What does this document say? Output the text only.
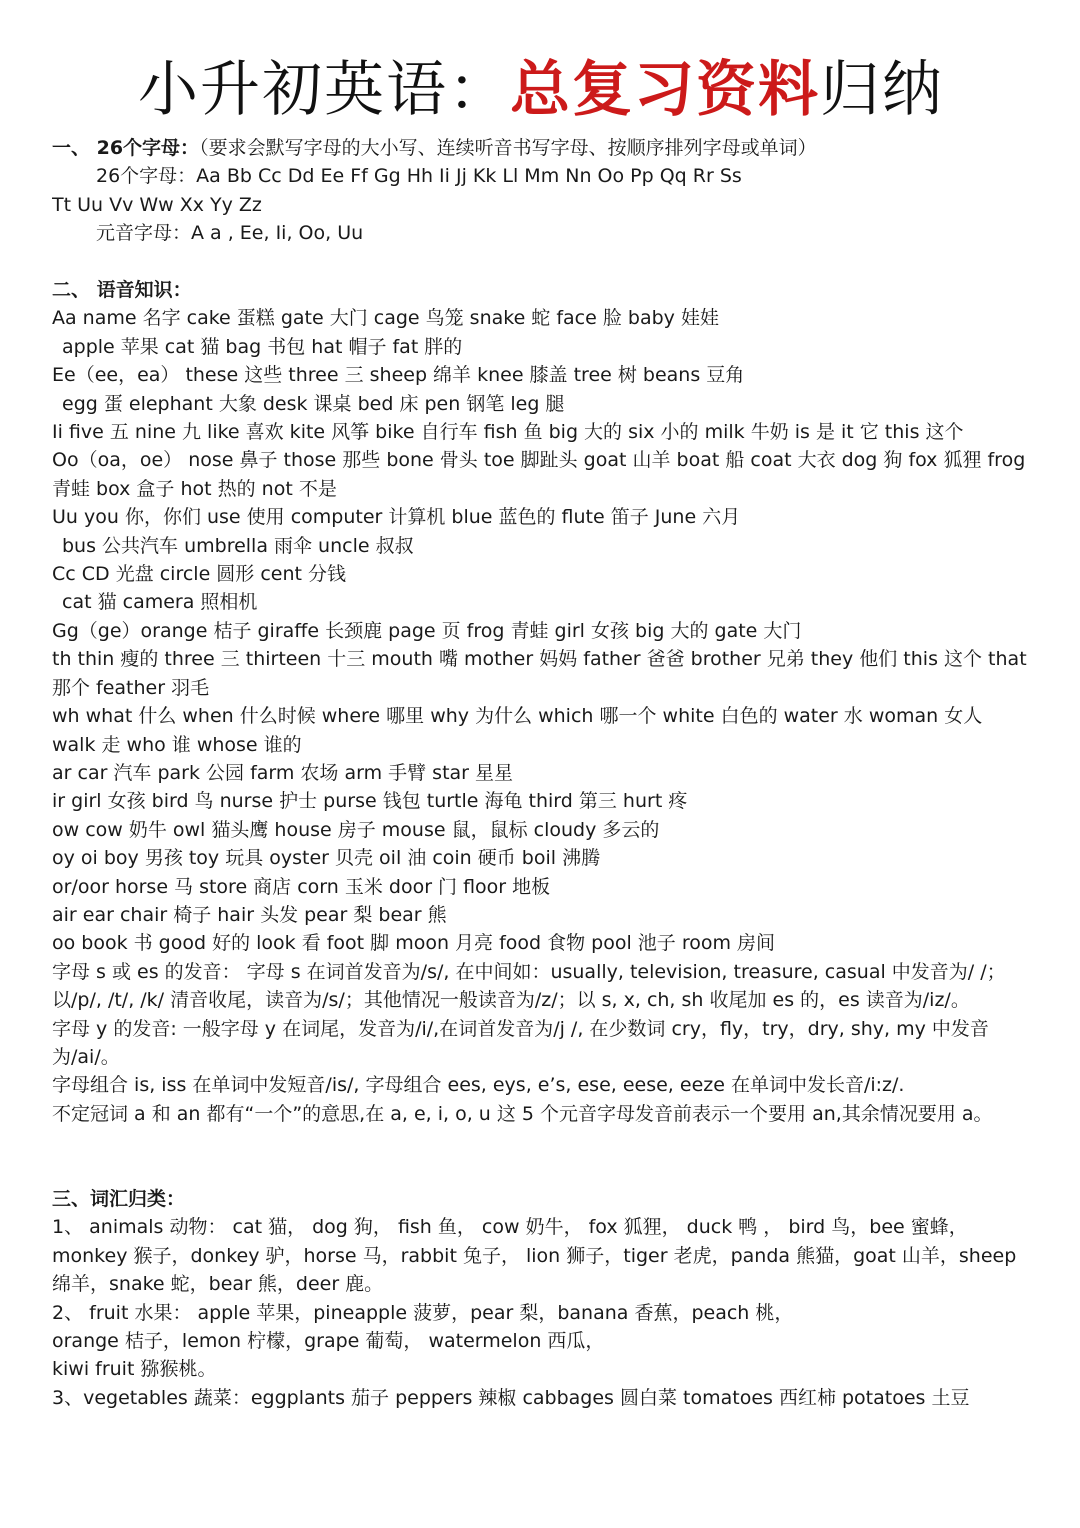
小升初英语：总复习资料归纳
一、 26个字母：（要求会默写字母的大小写、连续听音书写字母、按顺序排列字母或单词）
26个字母：Aa Bb Cc Dd Ee Ff Gg Hh Ii Jj Kk Ll Mm Nn Oo Pp Qq Rr Ss
Tt Uu Vv Ww Xx Yy Zz
元音字母：A a , Ee, Ii, Oo, Uu
二、 语音知识：
Aa name 名字 cake 蛋糕 gate 大门 cage 鸟笼 snake 蛇 face 脸 baby 娃娃
apple 苹果 cat 猫 bag 书包 hat 帽子 fat 胖的
Ee（ee，ea） these 这些 three 三 sheep 绵羊 knee 膝盖 tree 树 beans 豆角
egg 蛋 elephant 大象 desk 课桌 bed 床 pen 钢笔 leg 腿
Ii five 五 nine 九 like 喜欢 kite 风筝 bike 自行车 fish 鱼 big 大的 six 小的 milk 牛奶 is 是 it 它 this 这个
Oo（oa，oe） nose 鼻子 those 那些 bone 骨头 toe 脚趾头 goat 山羊 boat 船 coat 大衣 dog 狗 fox 狐狸 frog 青蛙 box 盒子 hot 热的 not 不是
Uu you 你，你们 use 使用 computer 计算机 blue 蓝色的 flute 笛子 June 六月
bus 公共汽车 umbrella 雨伞 uncle 叔叔
Cc CD 光盘 circle 圆形 cent 分钱
cat 猫 camera 照相机
Gg（ge）orange 桔子 giraffe 长颈鹿 page 页 frog 青蛙 girl 女孩 big 大的 gate 大门
th thin 瘦的 three 三 thirteen 十三 mouth 嘴 mother 妈妈 father 爸爸 brother 兄弟 they 他们 this 这个 that 那个 feather 羽毛
wh what 什么 when 什么时候 where 哪里 why 为什么 which 哪一个 white 白色的 water 水 woman 女人 walk 走 who 谁 whose 谁的
ar car 汽车 park 公园 farm 农场 arm 手臂 star 星星
ir girl 女孩 bird 鸟 nurse 护士 purse 钱包 turtle 海龟 third 第三 hurt 疼
ow cow 奶牛 owl 猫头鹰 house 房子 mouse 鼠，鼠标 cloudy 多云的
oy oi boy 男孩 toy 玩具 oyster 贝壳 oil 油 coin 硬币 boil 沸腾
or/oor horse 马 store 商店 corn 玉米 door 门 floor 地板
air ear chair 椅子 hair 头发 pear 梨 bear 熊
oo book 书 good 好的 look 看 foot 脚 moon 月亮 food 食物 pool 池子 room 房间
字母 s 或 es 的发音： 字母 s 在词首发音为/s/, 在中间如：usually, television, treasure, casual 中发音为/ /；以/p/, /t/, /k/ 清音收尾，读音为/s/；其他情况一般读音为/z/；以 s, x, ch, sh 收尾加 es 的，es 读音为/iz/。
字母 y 的发音: 一般字母 y 在词尾，发音为/i/,在词首发音为/j /, 在少数词 cry，fly，try，dry, shy, my 中发音为/ai/。
字母组合 is, iss 在单词中发短音/is/, 字母组合 ees, eys, e’s, ese, eese, eeze 在单词中发长音/i:z/.
不定冠词 a 和 an 都有“一个”的意思,在 a, e, i, o, u 这 5 个元音字母发音前表示一个要用 an,其余情况要用 a。
三、词汇归类：
1、 animals 动物： cat 猫， dog 狗， fish 鱼， cow 奶牛， fox 狐狸， duck 鸭 ， bird 鸟，bee 蜜蜂，monkey 猴子，donkey 驴，horse 马，rabbit 兔子， lion 狮子，tiger 老虎，panda 熊猫，goat 山羊，sheep 绵羊，snake 蛇，bear 熊，deer 鹿。
2、 fruit 水果： apple 苹果，pineapple 菠萝，pear 梨，banana 香蕉，peach 桃，
orange 桔子，lemon 柠檬，grape 葡萄， watermelon 西瓜，
kiwi fruit 猕猴桃。
3、vegetables 蔬菜：eggplants 茄子 peppers 辣椒 cabbages 圆白菜 tomatoes 西红柿 potatoes 土豆
